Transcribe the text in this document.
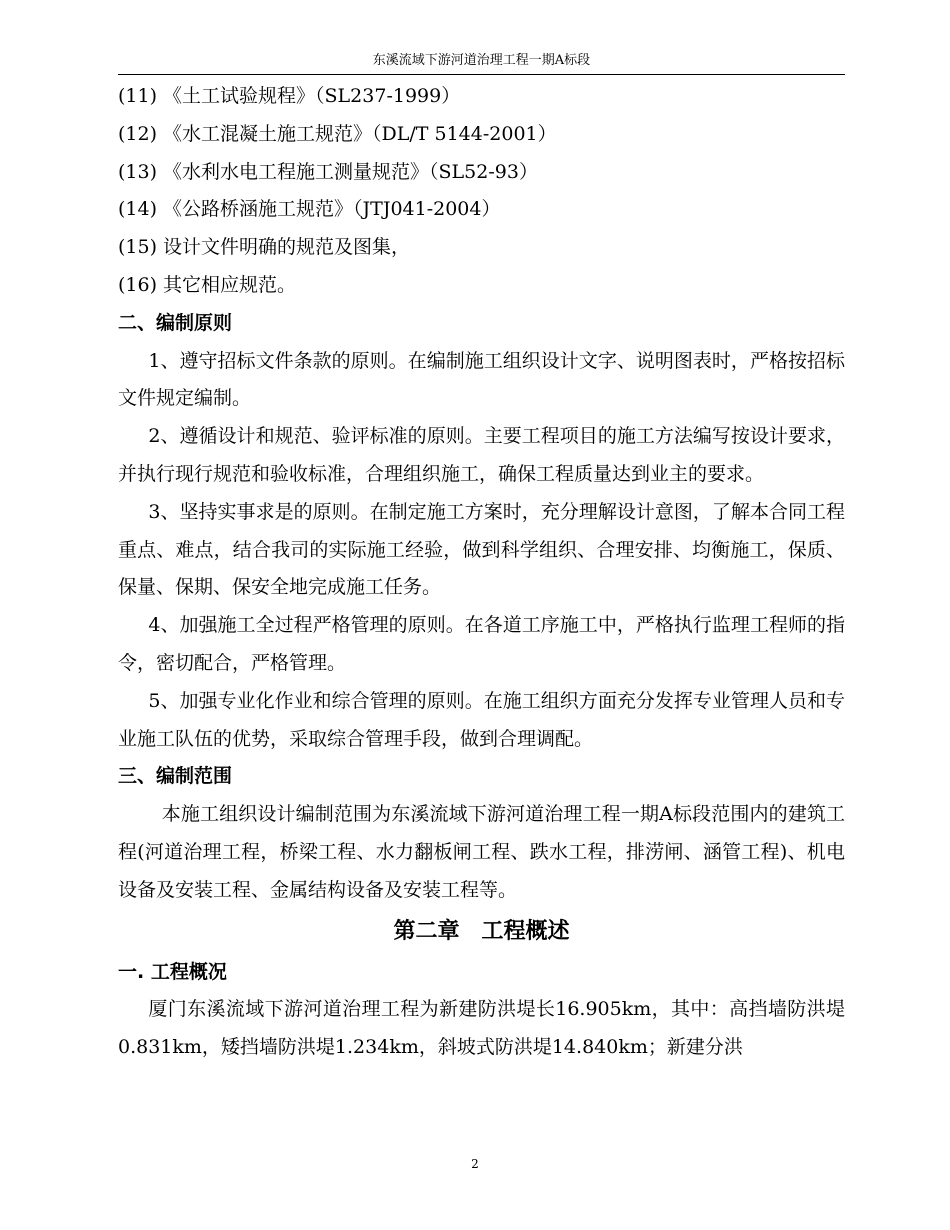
东溪流域下游河道治理工程一期A标段
(11) 《土工试验规程》（SL237-1999）
(12) 《水工混凝土施工规范》（DL/T 5144-2001）
(13) 《水利水电工程施工测量规范》（SL52-93）
(14) 《公路桥涵施工规范》（JTJ041-2004）
(15) 设计文件明确的规范及图集，
(16) 其它相应规范。
二、编制原则
1、遵守招标文件条款的原则。在编制施工组织设计文字、说明图表时，严格按招标文件规定编制。
2、遵循设计和规范、验评标准的原则。主要工程项目的施工方法编写按设计要求，并执行现行规范和验收标准，合理组织施工，确保工程质量达到业主的要求。
3、坚持实事求是的原则。在制定施工方案时，充分理解设计意图，了解本合同工程重点、难点，结合我司的实际施工经验，做到科学组织、合理安排、均衡施工，保质、保量、保期、保安全地完成施工任务。
4、加强施工全过程严格管理的原则。在各道工序施工中，严格执行监理工程师的指令，密切配合，严格管理。
5、加强专业化作业和综合管理的原则。在施工组织方面充分发挥专业管理人员和专业施工队伍的优势，采取综合管理手段，做到合理调配。
三、编制范围
本施工组织设计编制范围为东溪流域下游河道治理工程一期A标段范围内的建筑工程(河道治理工程，桥梁工程、水力翻板闸工程、跌水工程，排涝闸、涵管工程)、机电设备及安装工程、金属结构设备及安装工程等。
第二章　工程概述
一. 工程概况
厦门东溪流域下游河道治理工程为新建防洪堤长16.905km，其中：高挡墙防洪堤0.831km，矮挡墙防洪堤1.234km，斜坡式防洪堤14.840km；新建分洪
2
